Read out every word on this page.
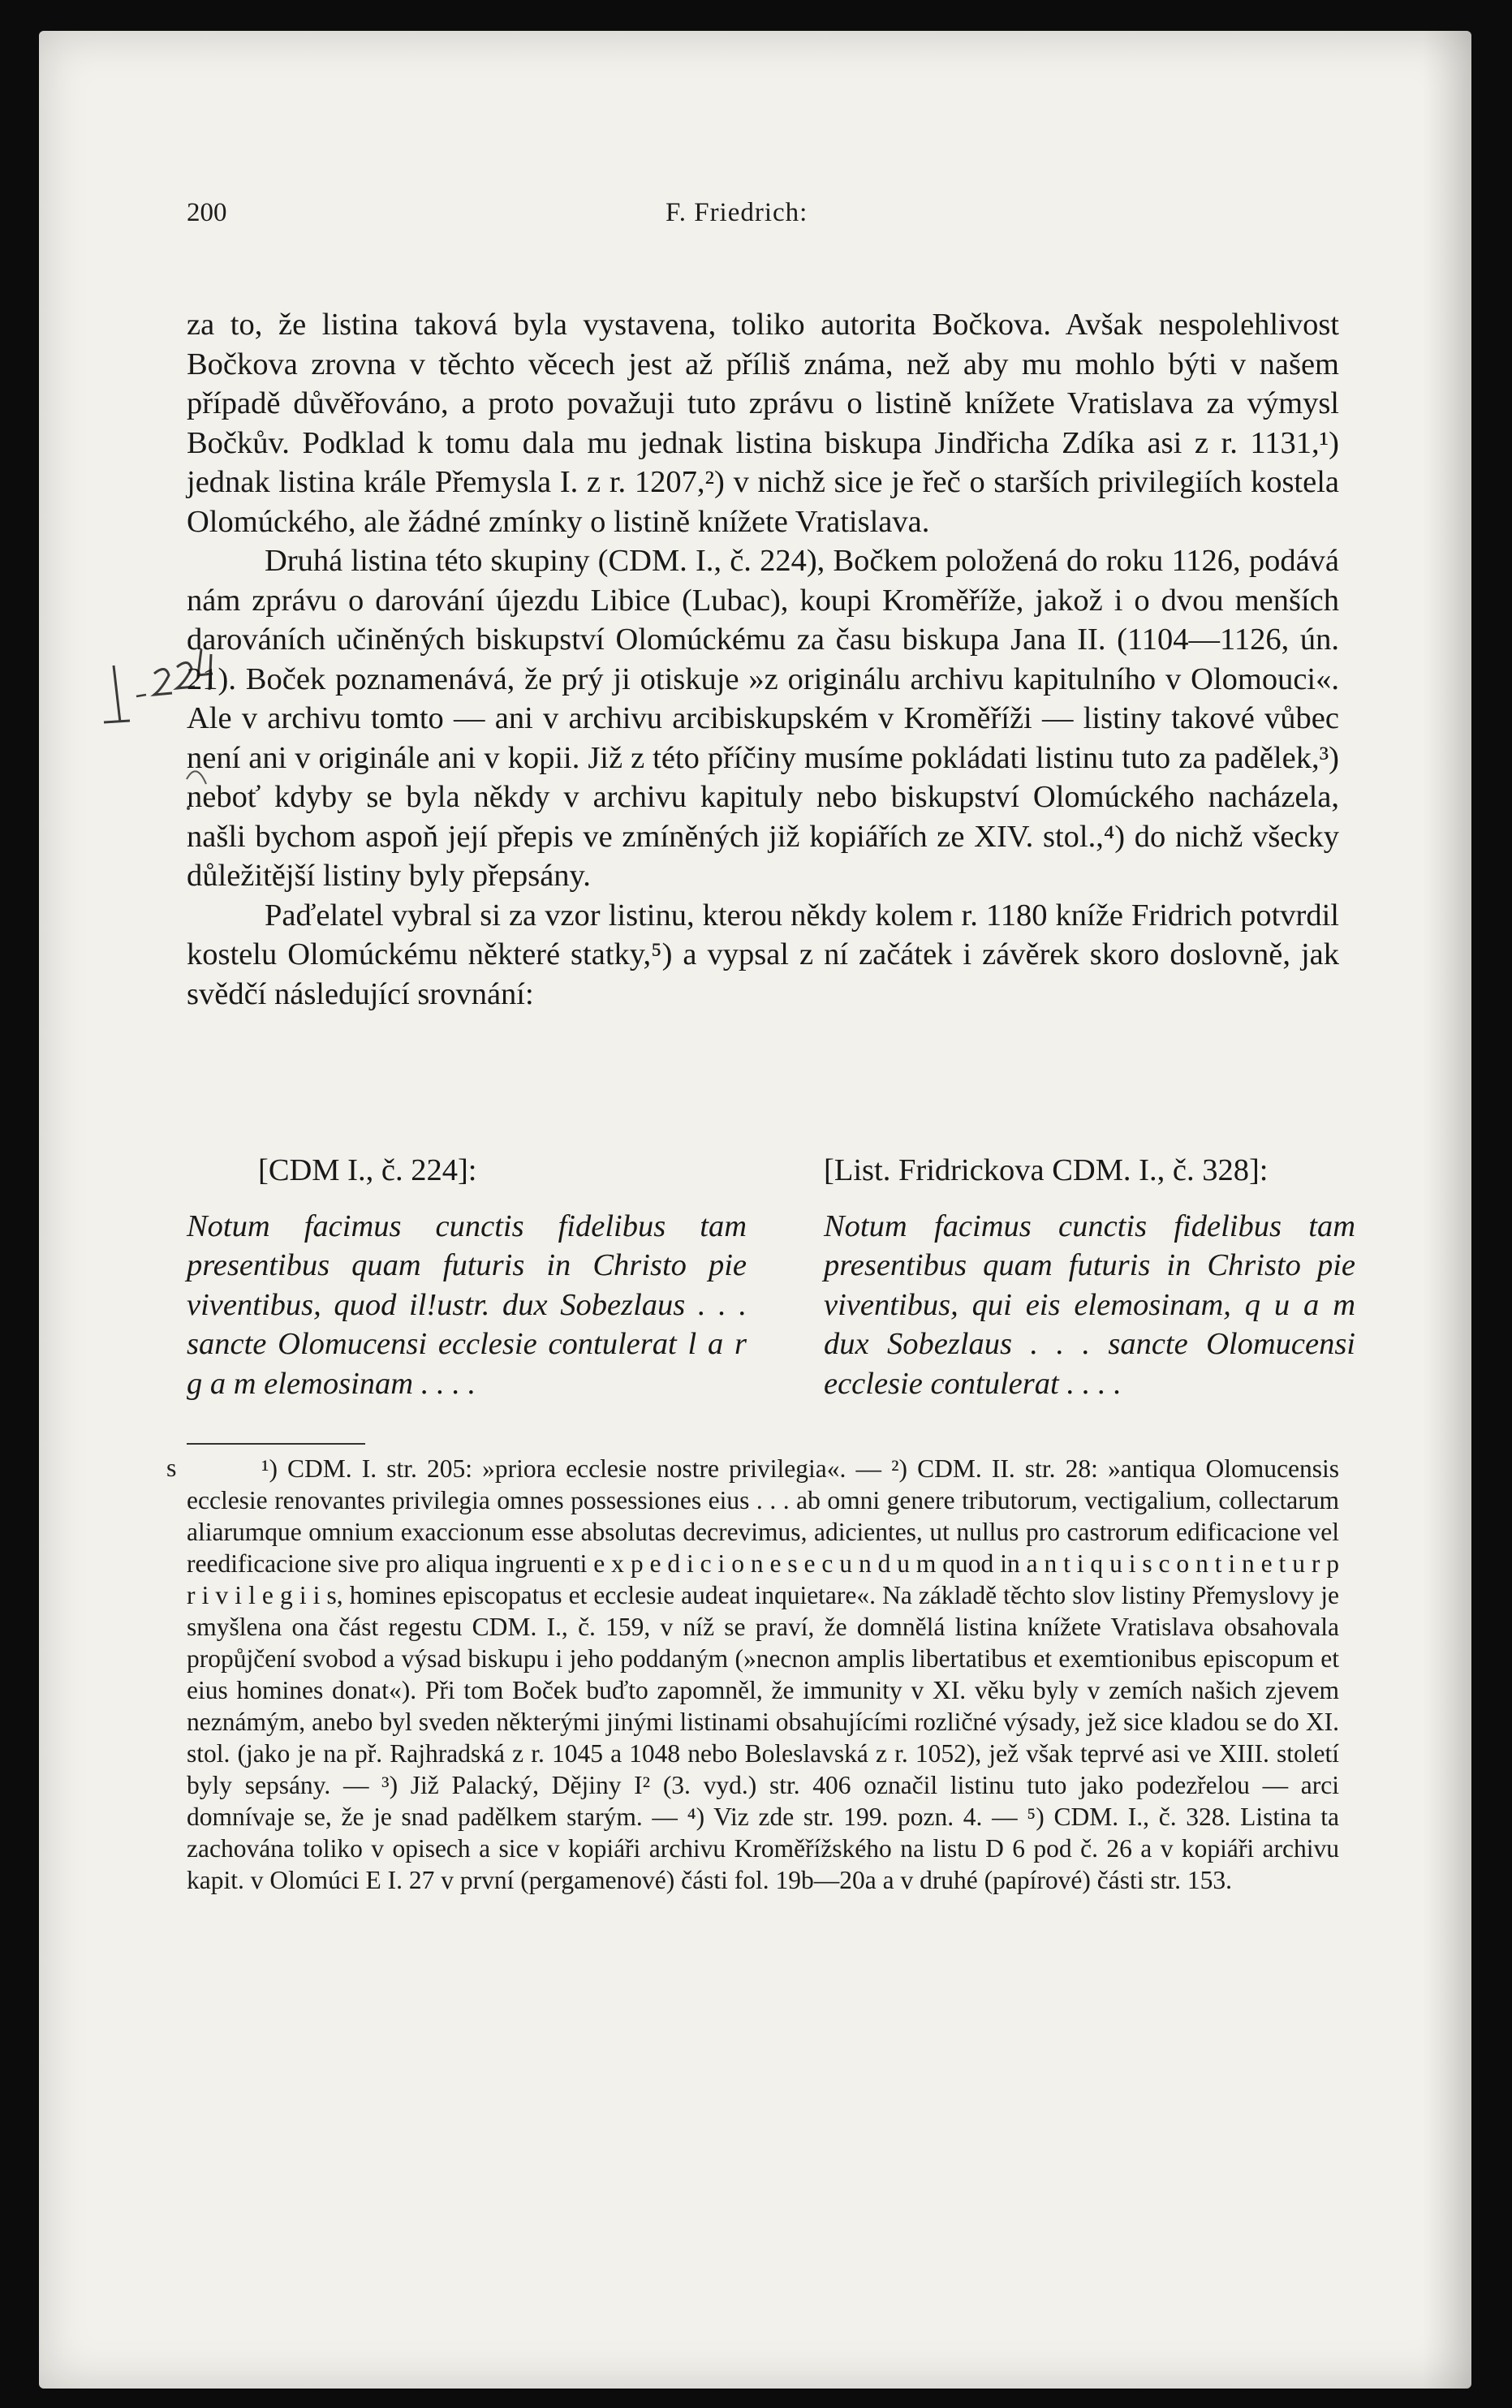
200	F. Friedrich:

za to, že listina taková byla vystavena, toliko autorita Bočkova. Avšak nespolehlivost Bočkova zrovna v těchto věcech jest až příliš známa, než aby mu mohlo býti v našem případě důvěřováno, a proto považuji tuto zprávu o listině knížete Vratislava za výmysl Bočkův. Podklad k tomu dala mu jednak listina biskupa Jindřicha Zdíka asi z r. 1131,¹) jednak listina krále Přemysla I. z r. 1207,²) v nichž sice je řeč o starších privilegiích kostela Olomúckého, ale žádné zmínky o listině knížete Vratislava.

Druhá listina této skupiny (CDM. I., č. 224), Bočkem položená do roku 1126, podává nám zprávu o darování újezdu Libice (Lubac), koupi Kroměříže, jakož i o dvou menších darováních učiněných biskupství Olomúckému za času biskupa Jana II. (1104—1126, ún. 21). Boček poznamenává, že prý ji otiskuje »z originálu archivu kapitulního v Olomouci«. Ale v archivu tomto — ani v archivu arcibiskupském v Kroměříži — listiny takové vůbec není ani v originále ani v kopii. Již z této příčiny musíme pokládati listinu tuto za padělek,³) neboť kdyby se byla někdy v archivu kapituly nebo biskupství Olomúckého nacházela, našli bychom aspoň její přepis ve zmíněných již kopiářích ze XIV. stol.,⁴) do nichž všecky důležitější listiny byly přepsány.

Paďelatel vybral si za vzor listinu, kterou někdy kolem r. 1180 kníže Fridrich potvrdil kostelu Olomúckému některé statky,⁵) a vypsal z ní začátek i závěrek skoro doslovně, jak svědčí následující srovnání:

[CDM I., č. 224]:

Notum facimus cunctis fidelibus tam presentibus quam futuris in Christo pie viventibus, quod il!ustr. dux Sobezlaus . . . sancte Olomucensi ecclesie contulerat l a r g a m elemosinam . . . .

[List. Fridrickova CDM. I., č. 328]:

Notum facimus cunctis fidelibus tam presentibus quam futuris in Christo pie viventibus, qui eis elemosinam, q u a m dux Sobezlaus . . . sancte Olomucensi ecclesie contulerat . . . .

s	¹) CDM. I. str. 205: »priora ecclesie nostre privilegia«. — ²) CDM. II. str. 28: »antiqua Olomucensis ecclesie renovantes privilegia omnes possessiones eius . . . ab omni genere tributorum, vectigalium, collectarum aliarumque omnium exaccionum esse absolutas decrevimus, adicientes, ut nullus pro castrorum edificacione vel reedificacione sive pro aliqua ingruenti e x p e d i c i o n e s e c u n d u m quod in a n t i q u i s c o n t i n e t u r p r i v i l e g i i s, homines episcopatus et ecclesie audeat inquietare«. Na základě těchto slov listiny Přemyslovy je smyšlena ona část regestu CDM. I., č. 159, v níž se praví, že domnělá listina knížete Vratislava obsahovala propůjčení svobod a výsad biskupu i jeho poddaným (»necnon amplis libertatibus et exemtionibus episcopum et eius homines donat«). Při tom Boček buďto zapomněl, že immunity v XI. věku byly v zemích našich zjevem neznámým, anebo byl sveden některými jinými listinami obsahujícími rozličné výsady, jež sice kladou se do XI. stol. (jako je na př. Rajhradská z r. 1045 a 1048 nebo Boleslavská z r. 1052), jež však teprvé asi ve XIII. století byly sepsány. — ³) Již Palacký, Dějiny I² (3. vyd.) str. 406 označil listinu tuto jako podezřelou — arci domnívaje se, že je snad padělkem starým. — ⁴) Viz zde str. 199. pozn. 4. — ⁵) CDM. I., č. 328. Listina ta zachována toliko v opisech a sice v kopiáři archivu Kroměřížského na listu D 6 pod č. 26 a v kopiáři archivu kapit. v Olomúci E I. 27 v první (pergamenové) části fol. 19b—20a a v druhé (papírové) části str. 153.
